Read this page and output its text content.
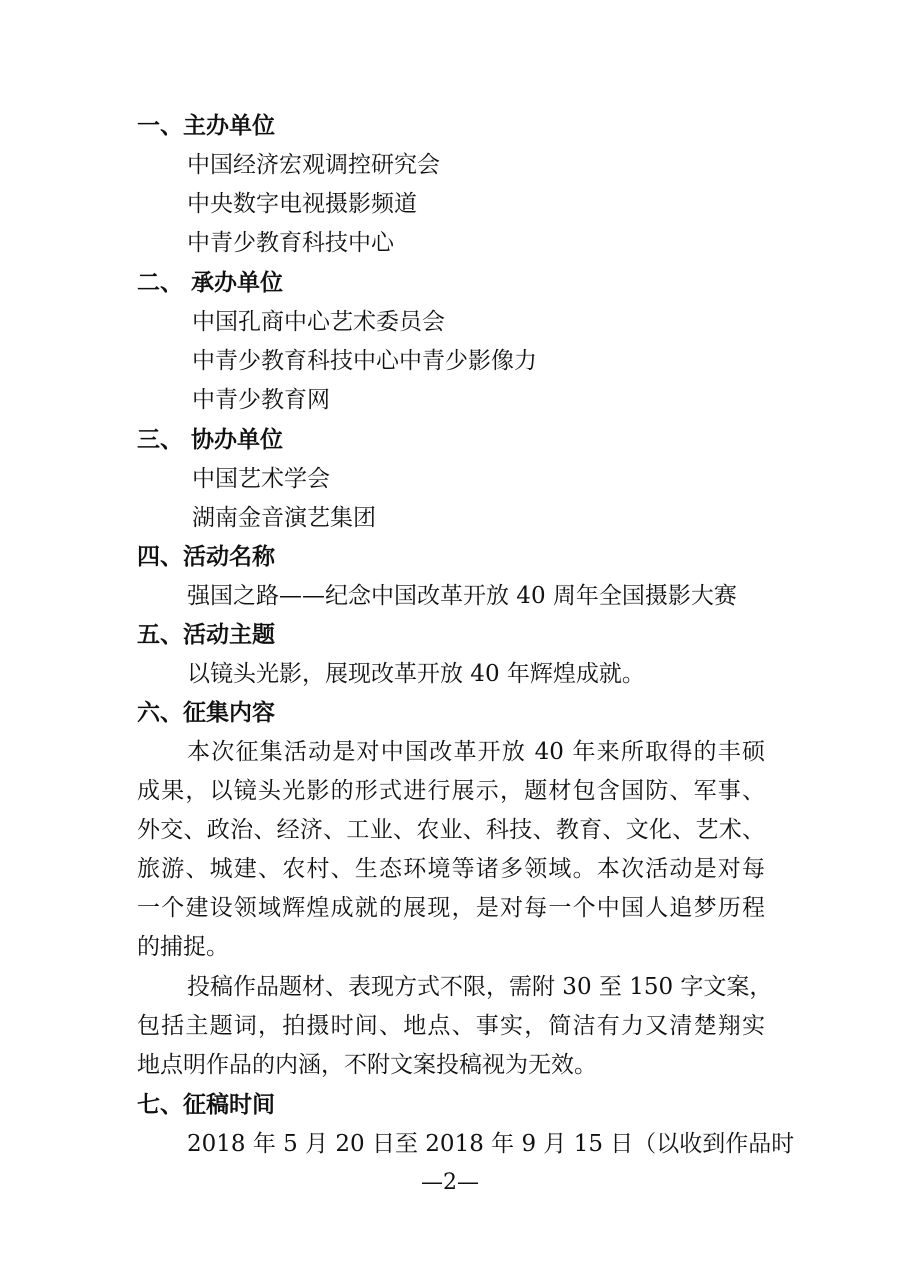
一、主办单位

中国经济宏观调控研究会

中央数字电视摄影频道

中青少教育科技中心

二、 承办单位

中国孔商中心艺术委员会

中青少教育科技中心中青少影像力

中青少教育网

三、 协办单位

中国艺术学会

湖南金音演艺集团

四、活动名称

强国之路——纪念中国改革开放 40 周年全国摄影大赛

五、活动主题

以镜头光影，展现改革开放 40 年辉煌成就。

六、征集内容

本次征集活动是对中国改革开放 40 年来所取得的丰硕

成果，以镜头光影的形式进行展示，题材包含国防、军事、

外交、政治、经济、工业、农业、科技、教育、文化、艺术、

旅游、城建、农村、生态环境等诸多领域。本次活动是对每

一个建设领域辉煌成就的展现，是对每一个中国人追梦历程

的捕捉。

投稿作品题材、表现方式不限，需附 30 至 150 字文案，

包括主题词，拍摄时间、地点、事实，简洁有力又清楚翔实

地点明作品的内涵，不附文案投稿视为无效。

七、征稿时间

2018 年 5 月 20 日至 2018 年 9 月 15 日（以收到作品时

—2—
